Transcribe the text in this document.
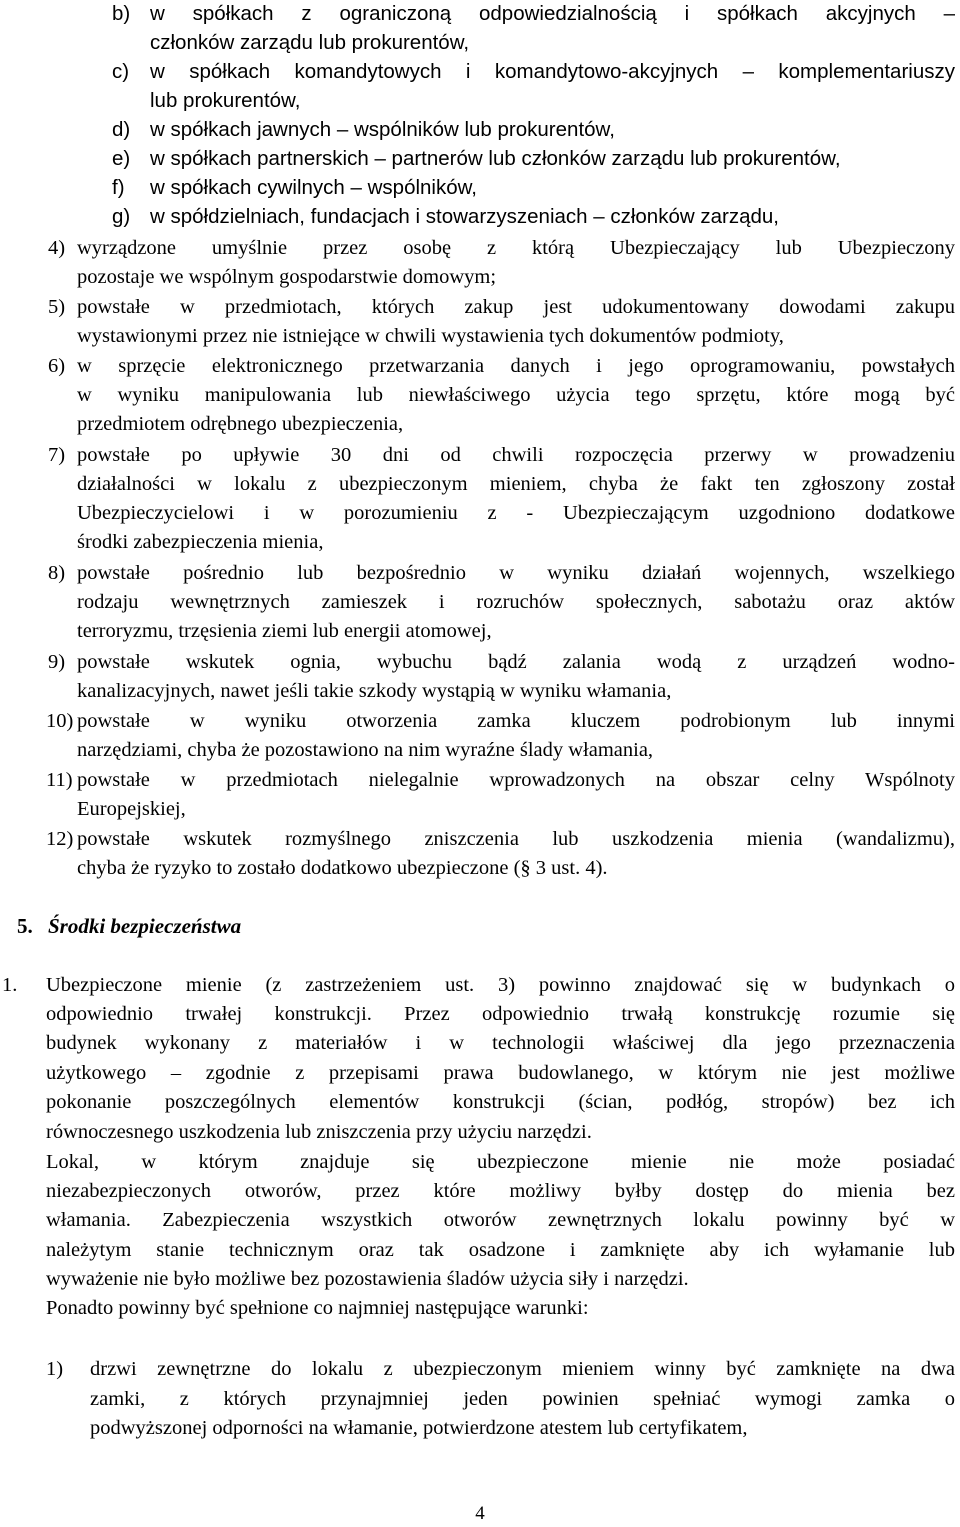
b) w spółkach z ograniczoną odpowiedzialnością i spółkach akcyjnych –
członków zarządu lub prokurentów,
c) w spółkach komandytowych i komandytowo-akcyjnych – komplementariuszy
lub prokurentów,
d) w spółkach jawnych – wspólników lub prokurentów,
e) w spółkach partnerskich – partnerów lub członków zarządu lub prokurentów,
f) w spółkach cywilnych – wspólników,
g) w spółdzielniach, fundacjach i stowarzyszeniach – członków zarządu,
4) wyrządzone umyślnie przez osobę z którą Ubezpieczający lub Ubezpieczony
pozostaje we wspólnym gospodarstwie domowym;
5) powstałe w przedmiotach, których zakup jest udokumentowany dowodami zakupu
wystawionymi przez nie istniejące w chwili wystawienia tych dokumentów podmioty,
6) w sprzęcie elektronicznego przetwarzania danych i jego oprogramowaniu, powstałych
w wyniku manipulowania lub niewłaściwego użycia tego sprzętu, które mogą być
przedmiotem odrębnego ubezpieczenia,
7) powstałe po upływie 30 dni od chwili rozpoczęcia przerwy w prowadzeniu
działalności w lokalu z ubezpieczonym mieniem, chyba że fakt ten zgłoszony został
Ubezpieczycielowi i w porozumieniu z - Ubezpieczającym uzgodniono dodatkowe
środki zabezpieczenia mienia,
8) powstałe pośrednio lub bezpośrednio w wyniku działań wojennych, wszelkiego
rodzaju wewnętrznych zamieszek i rozruchów społecznych, sabotażu oraz aktów
terroryzmu, trzęsienia ziemi lub energii atomowej,
9) powstałe wskutek ognia, wybuchu bądź zalania wodą z urządzeń wodno-
kanalizacyjnych, nawet jeśli takie szkody wystąpią w wyniku włamania,
10) powstałe w wyniku otworzenia zamka kluczem podrobionym lub innymi
narzędziami, chyba że pozostawiono na nim wyraźne ślady włamania,
11) powstałe w przedmiotach nielegalnie wprowadzonych na obszar celny Wspólnoty
Europejskiej,
12) powstałe wskutek rozmyślnego zniszczenia lub uszkodzenia mienia (wandalizmu),
chyba że ryzyko to zostało dodatkowo ubezpieczone (§ 3 ust. 4).
5. Środki bezpieczeństwa
1. Ubezpieczone mienie (z zastrzeżeniem ust. 3) powinno znajdować się w budynkach o
odpowiednio trwałej konstrukcji. Przez odpowiednio trwałą konstrukcję rozumie się
budynek wykonany z materiałów i w technologii właściwej dla jego przeznaczenia
użytkowego – zgodnie z przepisami prawa budowlanego, w którym nie jest możliwe
pokonanie poszczególnych elementów konstrukcji (ścian, podłóg, stropów) bez ich
równoczesnego uszkodzenia lub zniszczenia przy użyciu narzędzi.
Lokal, w którym znajduje się ubezpieczone mienie nie może posiadać
niezabezpieczonych otworów, przez które możliwy byłby dostęp do mienia bez
włamania. Zabezpieczenia wszystkich otworów zewnętrznych lokalu powinny być w
należytym stanie technicznym oraz tak osadzone i zamknięte aby ich wyłamanie lub
wyważenie nie było możliwe bez pozostawienia śladów użycia siły i narzędzi.
Ponadto powinny być spełnione co najmniej następujące warunki:
1) drzwi zewnętrzne do lokalu z ubezpieczonym mieniem winny być zamknięte na dwa
zamki, z których przynajmniej jeden powinien spełniać wymogi zamka o
podwyższonej odporności na włamanie, potwierdzone atestem lub certyfikatem,
4
